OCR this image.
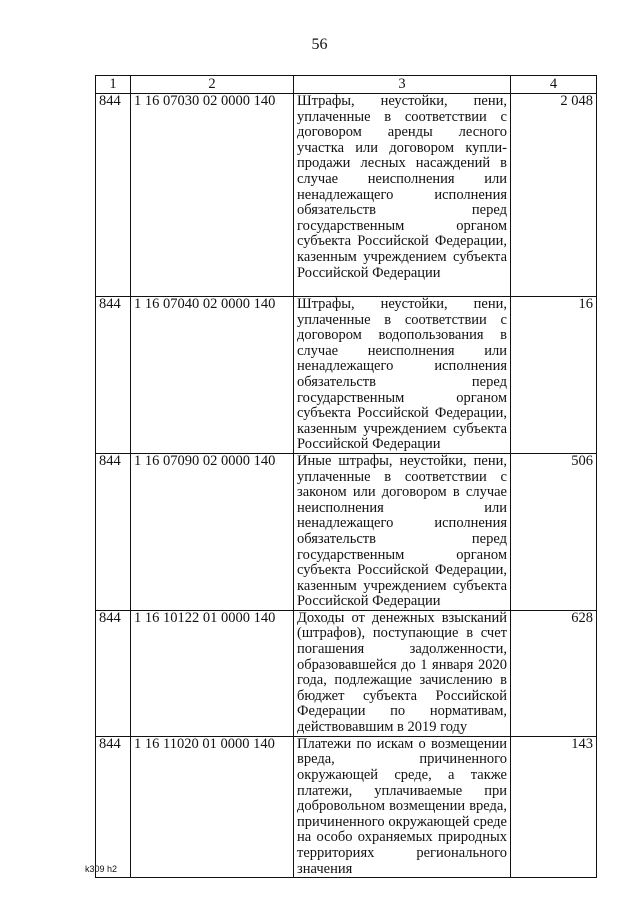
56
1	2	3	4
844	1 16 07030 02 0000 140	Штрафы, неустойки, пени, уплаченные в соответствии с договором аренды лесного участка или договором купли-продажи лесных насаждений в случае неисполнения или ненадлежащего исполнения обязательств перед государственным органом субъекта Российской Федерации, казенным учреждением субъекта Российской Федерации	2 048
844	1 16 07040 02 0000 140	Штрафы, неустойки, пени, уплаченные в соответствии с договором водопользования в случае неисполнения или ненадлежащего исполнения обязательств перед государственным органом субъекта Российской Федерации, казенным учреждением субъекта Российской Федерации	16
844	1 16 07090 02 0000 140	Иные штрафы, неустойки, пени, уплаченные в соответствии с законом или договором в случае неисполнения или ненадлежащего исполнения обязательств перед государственным органом субъекта Российской Федерации, казенным учреждением субъекта Российской Федерации	506
844	1 16 10122 01 0000 140	Доходы от денежных взысканий (штрафов), поступающие в счет погашения задолженности, образовавшейся до 1 января 2020 года, подлежащие зачислению в бюджет субъекта Российской Федерации по нормативам, действовавшим в 2019 году	628
844	1 16 11020 01 0000 140	Платежи по искам о возмещении вреда, причиненного окружающей среде, а также платежи, уплачиваемые при добровольном возмещении вреда, причиненного окружающей среде на особо охраняемых природных территориях регионального значения	143
k309 h2
